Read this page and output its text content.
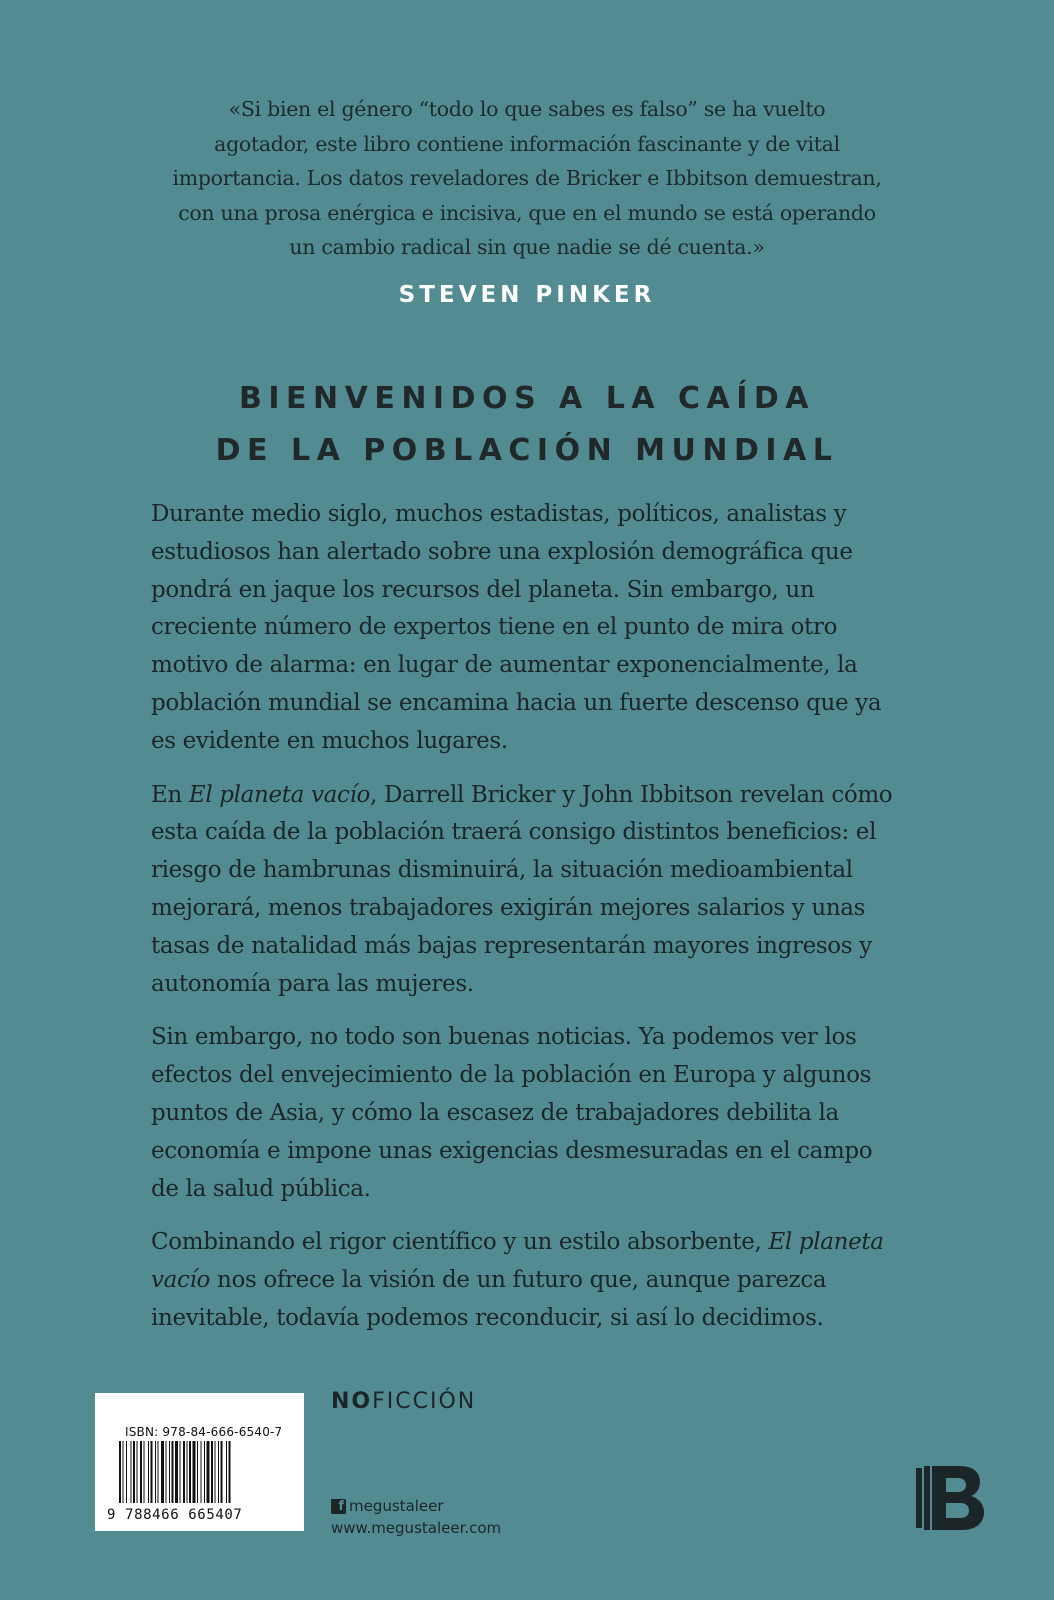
«Si bien el género “todo lo que sabes es falso” se ha vuelto
agotador, este libro contiene información fascinante y de vital
importancia. Los datos reveladores de Bricker e Ibbitson demuestran,
con una prosa enérgica e incisiva, que en el mundo se está operando
un cambio radical sin que nadie se dé cuenta.»
STEVEN PINKER
BIENVENIDOS A LA CAÍDA
DE LA POBLACIÓN MUNDIAL

Durante medio siglo, muchos estadistas, políticos, analistas y estudiosos han alertado sobre una explosión demográfica que pondrá en jaque los recursos del planeta. Sin embargo, un creciente número de expertos tiene en el punto de mira otro motivo de alarma: en lugar de aumentar exponencialmente, la población mundial se encamina hacia un fuerte descenso que ya es evidente en muchos lugares.

En El planeta vacío, Darrell Bricker y John Ibbitson revelan cómo esta caída de la población traerá consigo distintos beneficios: el riesgo de hambrunas disminuirá, la situación medioambiental mejorará, menos trabajadores exigirán mejores salarios y unas tasas de natalidad más bajas representarán mayores ingresos y autonomía para las mujeres.

Sin embargo, no todo son buenas noticias. Ya podemos ver los efectos del envejecimiento de la población en Europa y algunos puntos de Asia, y cómo la escasez de trabajadores debilita la economía e impone unas exigencias desmesuradas en el campo de la salud pública.

Combinando el rigor científico y un estilo absorbente, El planeta vacío nos ofrece la visión de un futuro que, aunque parezca inevitable, todavía podemos reconducir, si así lo decidimos.

ISBN: 978-84-666-6540-7
9 788466 665407
NOFICCIÓN
f megustaleer
www.megustaleer.com
